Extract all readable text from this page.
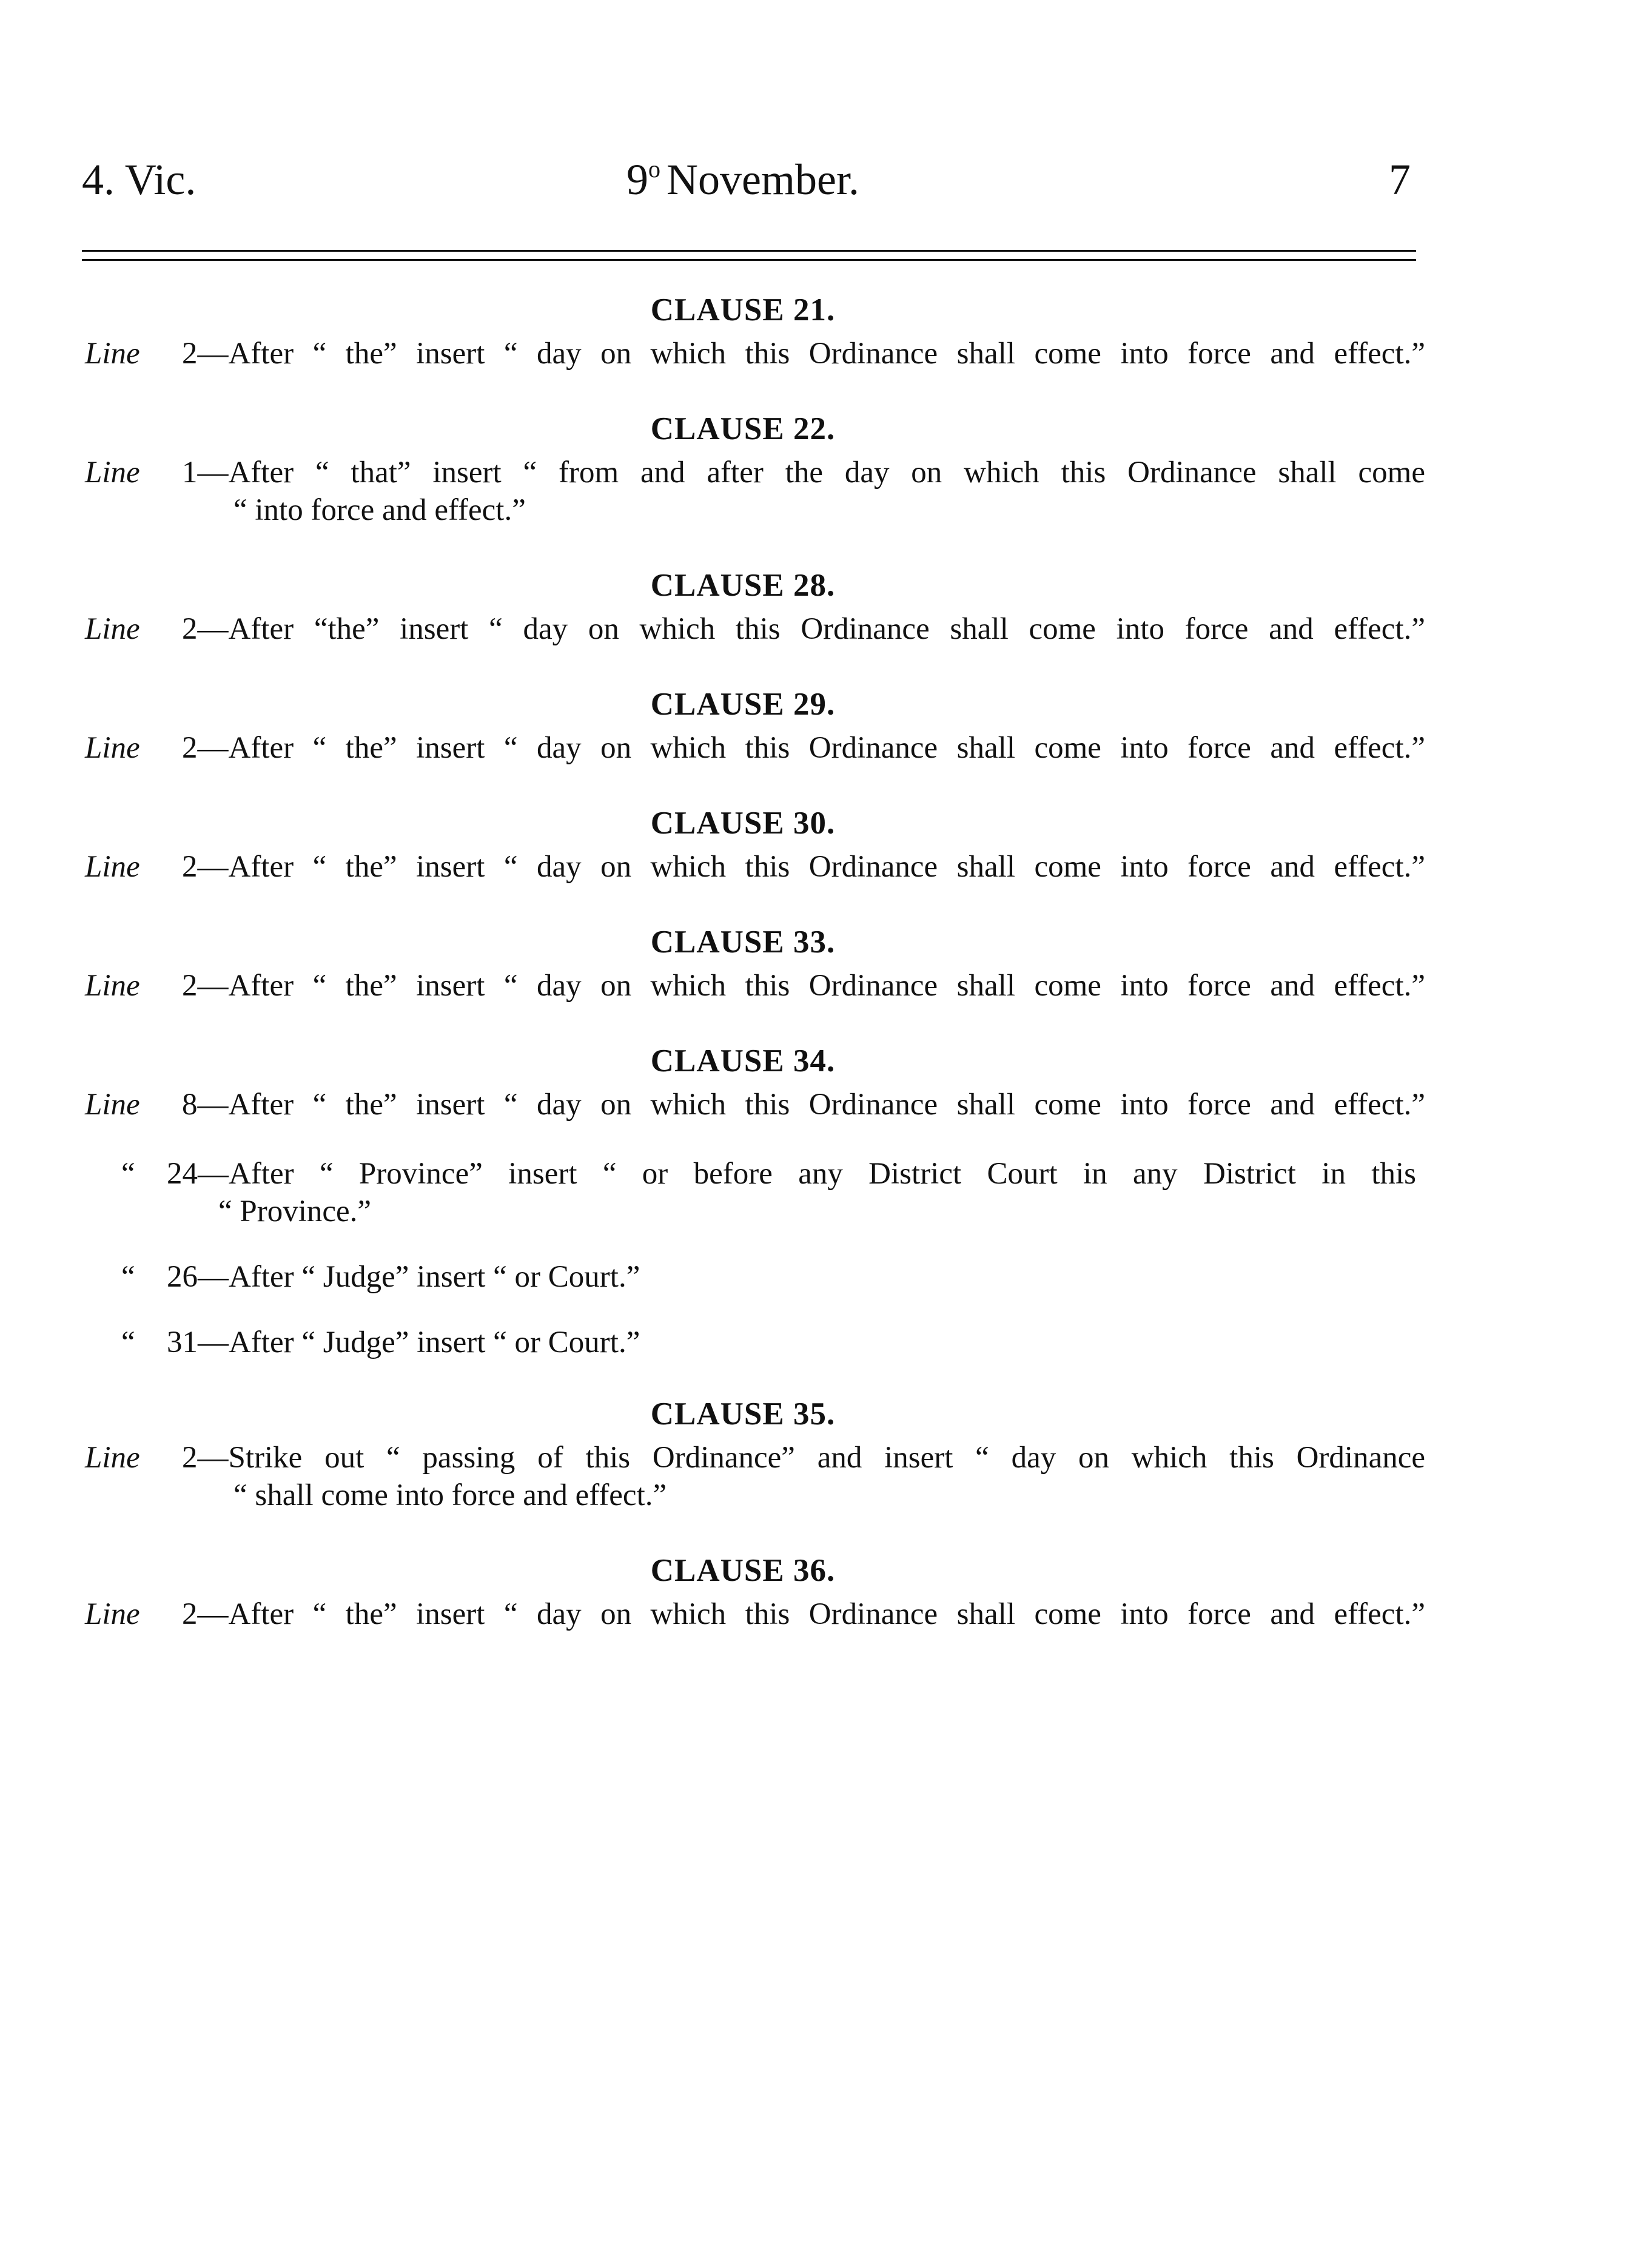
4. Vic.	9$^o$ November.	7
CLAUSE 21.
Line 2—After “ the” insert “ day on which this Ordinance shall come into force and effect.”
CLAUSE 22.
Line 1—After “ that” insert “ from and after the day on which this Ordinance shall come
“ into force and effect.”
CLAUSE 28.
Line 2—After “the” insert “ day on which this Ordinance shall come into force and effect.”
CLAUSE 29.
Line 2—After “ the” insert “ day on which this Ordinance shall come into force and effect.”
CLAUSE 30.
Line 2—After “ the” insert “ day on which this Ordinance shall come into force and effect.”
CLAUSE 33.
Line 2—After “ the” insert “ day on which this Ordinance shall come into force and effect.”
CLAUSE 34.
Line 8—After “ the” insert “ day on which this Ordinance shall come into force and effect.”
“ 24—After “ Province” insert “ or before any District Court in any District in this
“ Province.”
“ 26—After “ Judge” insert “ or Court.”
“ 31—After “ Judge” insert “ or Court.”
CLAUSE 35.
Line 2—Strike out “ passing of this Ordinance” and insert “ day on which this Ordinance
“ shall come into force and effect.”
CLAUSE 36.
Line 2—After “ the” insert “ day on which this Ordinance shall come into force and effect.”
